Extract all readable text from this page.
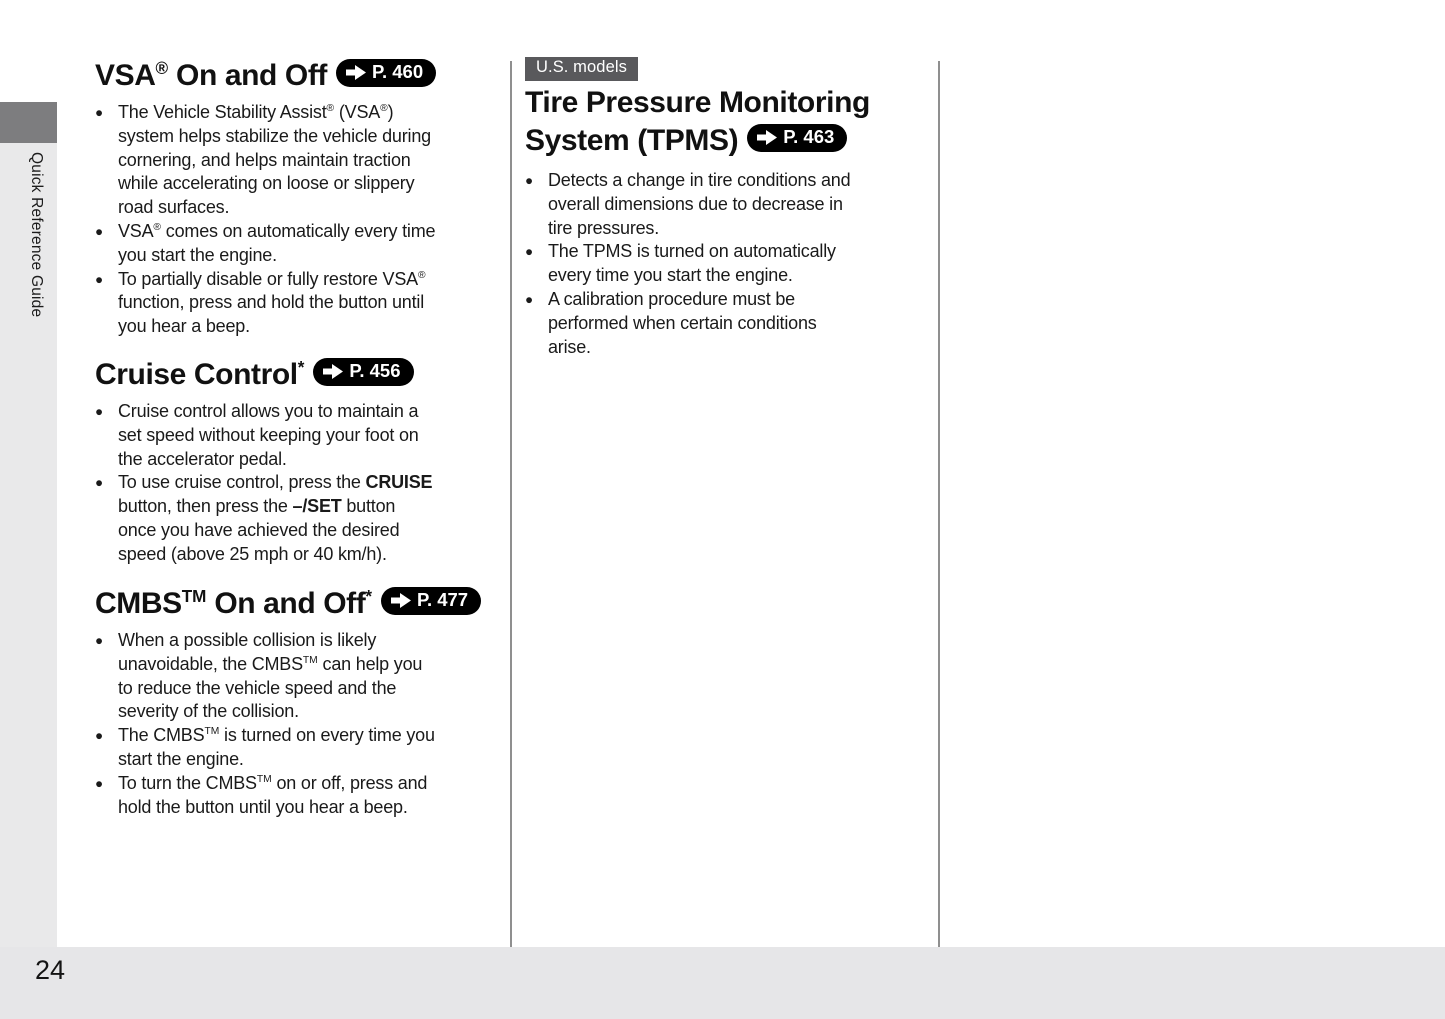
Quick Reference Guide
VSA® On and Off P. 460
● The Vehicle Stability Assist® (VSA®) system helps stabilize the vehicle during cornering, and helps maintain traction while accelerating on loose or slippery road surfaces.
● VSA® comes on automatically every time you start the engine.
● To partially disable or fully restore VSA® function, press and hold the button until you hear a beep.
Cruise Control* P. 456
● Cruise control allows you to maintain a set speed without keeping your foot on the accelerator pedal.
● To use cruise control, press the CRUISE button, then press the –/SET button once you have achieved the desired speed (above 25 mph or 40 km/h).
CMBS™ On and Off* P. 477
● When a possible collision is likely unavoidable, the CMBS™ can help you to reduce the vehicle speed and the severity of the collision.
● The CMBS™ is turned on every time you start the engine.
● To turn the CMBS™ on or off, press and hold the button until you hear a beep.
U.S. models
Tire Pressure Monitoring System (TPMS) P. 463
● Detects a change in tire conditions and overall dimensions due to decrease in tire pressures.
● The TPMS is turned on automatically every time you start the engine.
● A calibration procedure must be performed when certain conditions arise.
24
